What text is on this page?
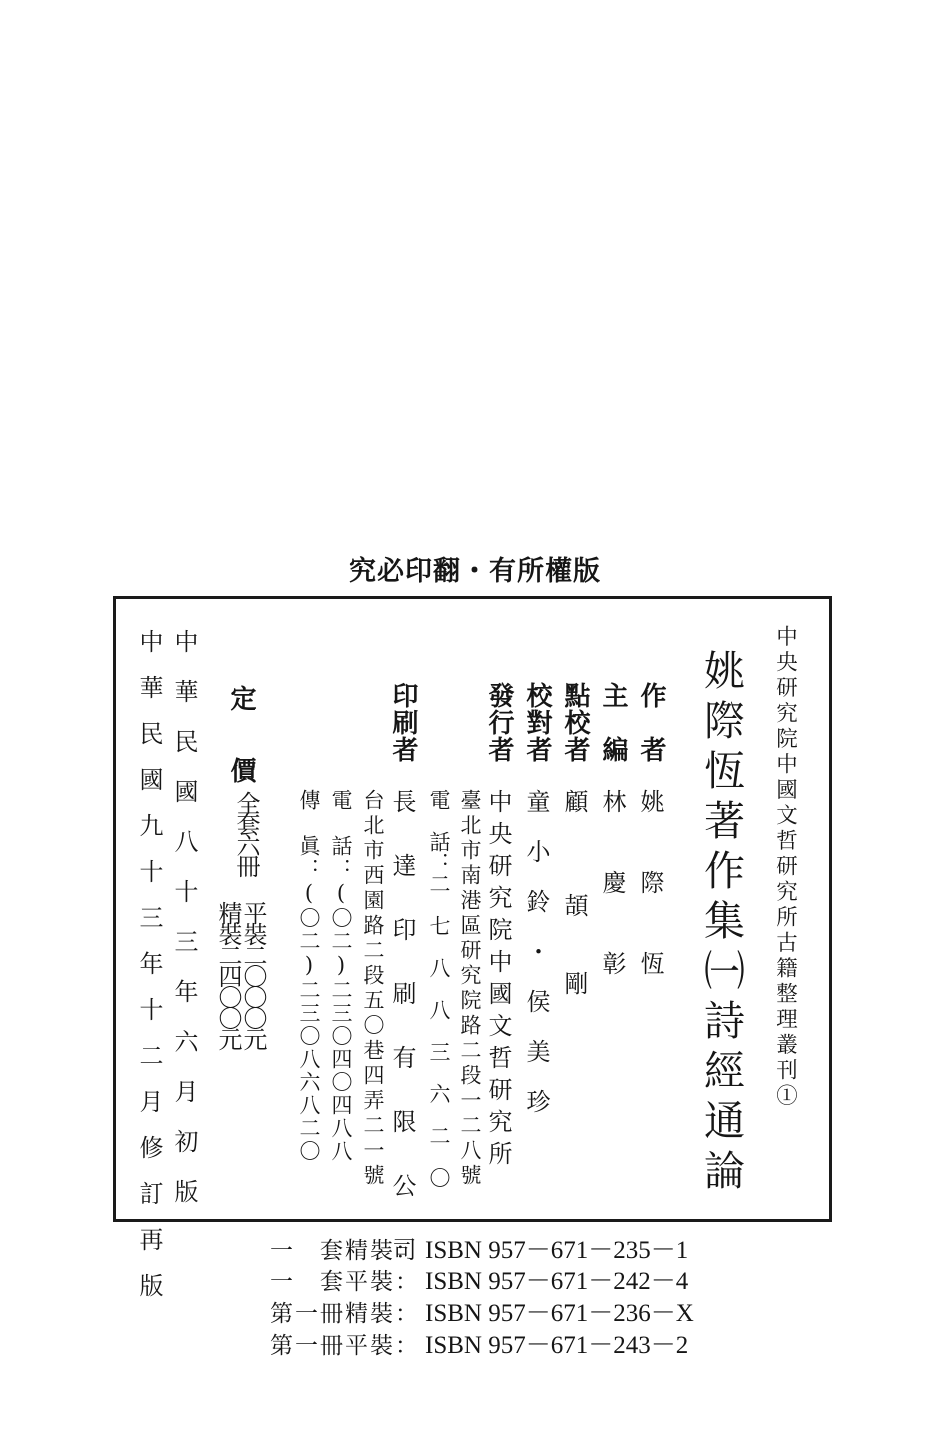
究必印翻・有所權版
中央研究院中國文哲研究所古籍整理叢刊①
姚際恆著作集㈠詩經通論
作　者
主　編
點校者
校對者
發行者
姚　　際　　恆
林　　慶　　彰
顧　　　頡　　剛
童　小　鈴　・　侯　美　珍
中央研究院中國文哲研究所
臺北市南港區研究院路二段一二八號
電　話：二　七　八　八　三　六　二　〇
印刷者
長　達　印　刷　有　限　公　司
台北市西園路二段五〇巷四弄二一號
電　話：(〇二)二三〇四〇四八八
傳　眞：(〇二)二三〇八六八二〇
定　價
全套六冊
平裝二〇〇〇元
精裝二四〇〇元
中　華　民　國　八　十　三　年　六　月　初　版
中　華　民　國　九　十　三　年　十　二　月　修　訂　再　版	一　套精裝： ISBN 957－671－235－1
一　套平裝： ISBN 957－671－242－4
第一冊精裝： ISBN 957－671－236－X
第一冊平裝： ISBN 957－671－243－2
